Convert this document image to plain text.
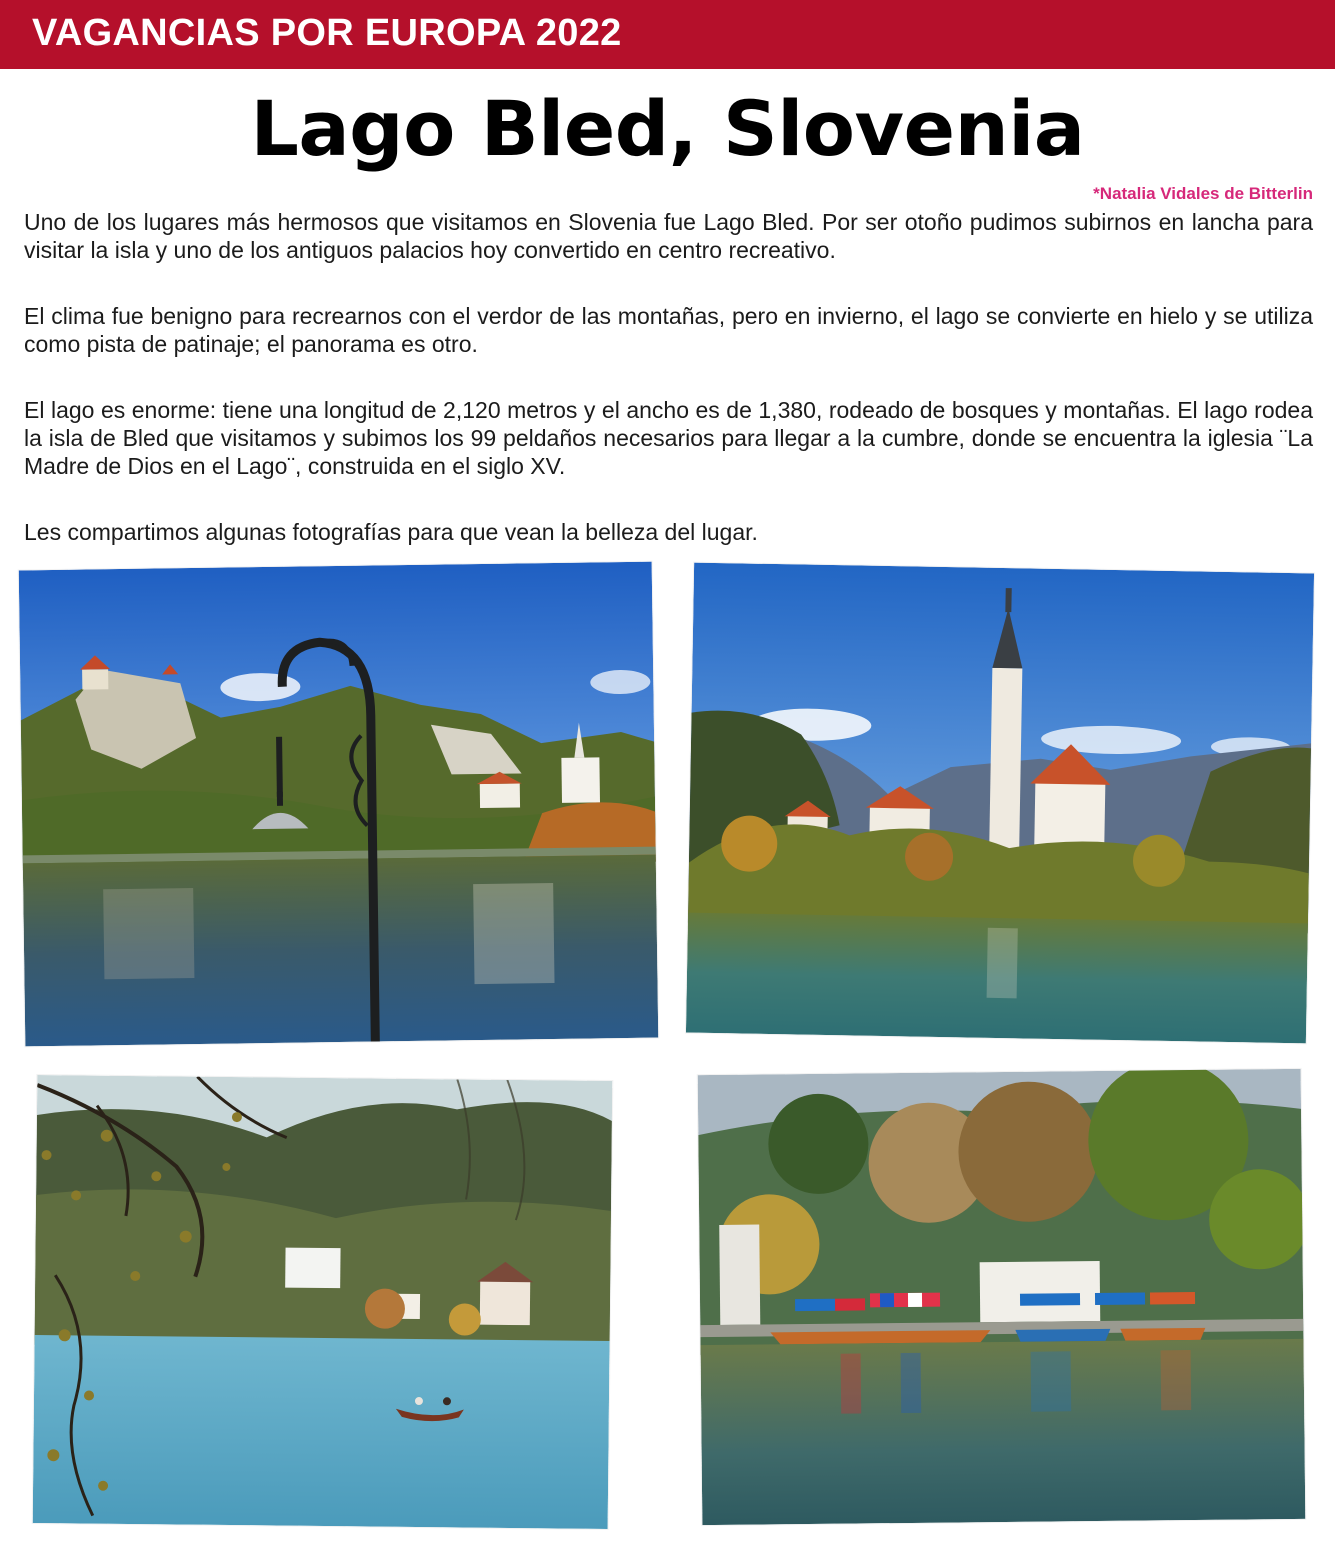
VAGANCIAS POR EUROPA 2022
Lago Bled, Slovenia
*Natalia Vidales de Bitterlin

Uno de los lugares más hermosos que visitamos en Slovenia fue Lago Bled. Por ser otoño pudimos subirnos en lancha para visitar la isla y uno de los antiguos palacios hoy convertido en centro recreativo.

El clima fue benigno para recrearnos con el verdor de las montañas, pero en invierno, el lago se convierte en hielo y se utiliza como pista de patinaje; el panorama es otro.

El lago es enorme: tiene una longitud de 2,120 metros y el ancho es de 1,380, rodeado de bosques y montañas. El lago rodea la isla de Bled que visitamos y subimos los 99 peldaños necesarios para llegar a la cumbre, donde se encuentra la iglesia ¨La Madre de Dios en el Lago¨, construida en el siglo XV.

Les compartimos algunas fotografías para que vean la belleza del lugar.
